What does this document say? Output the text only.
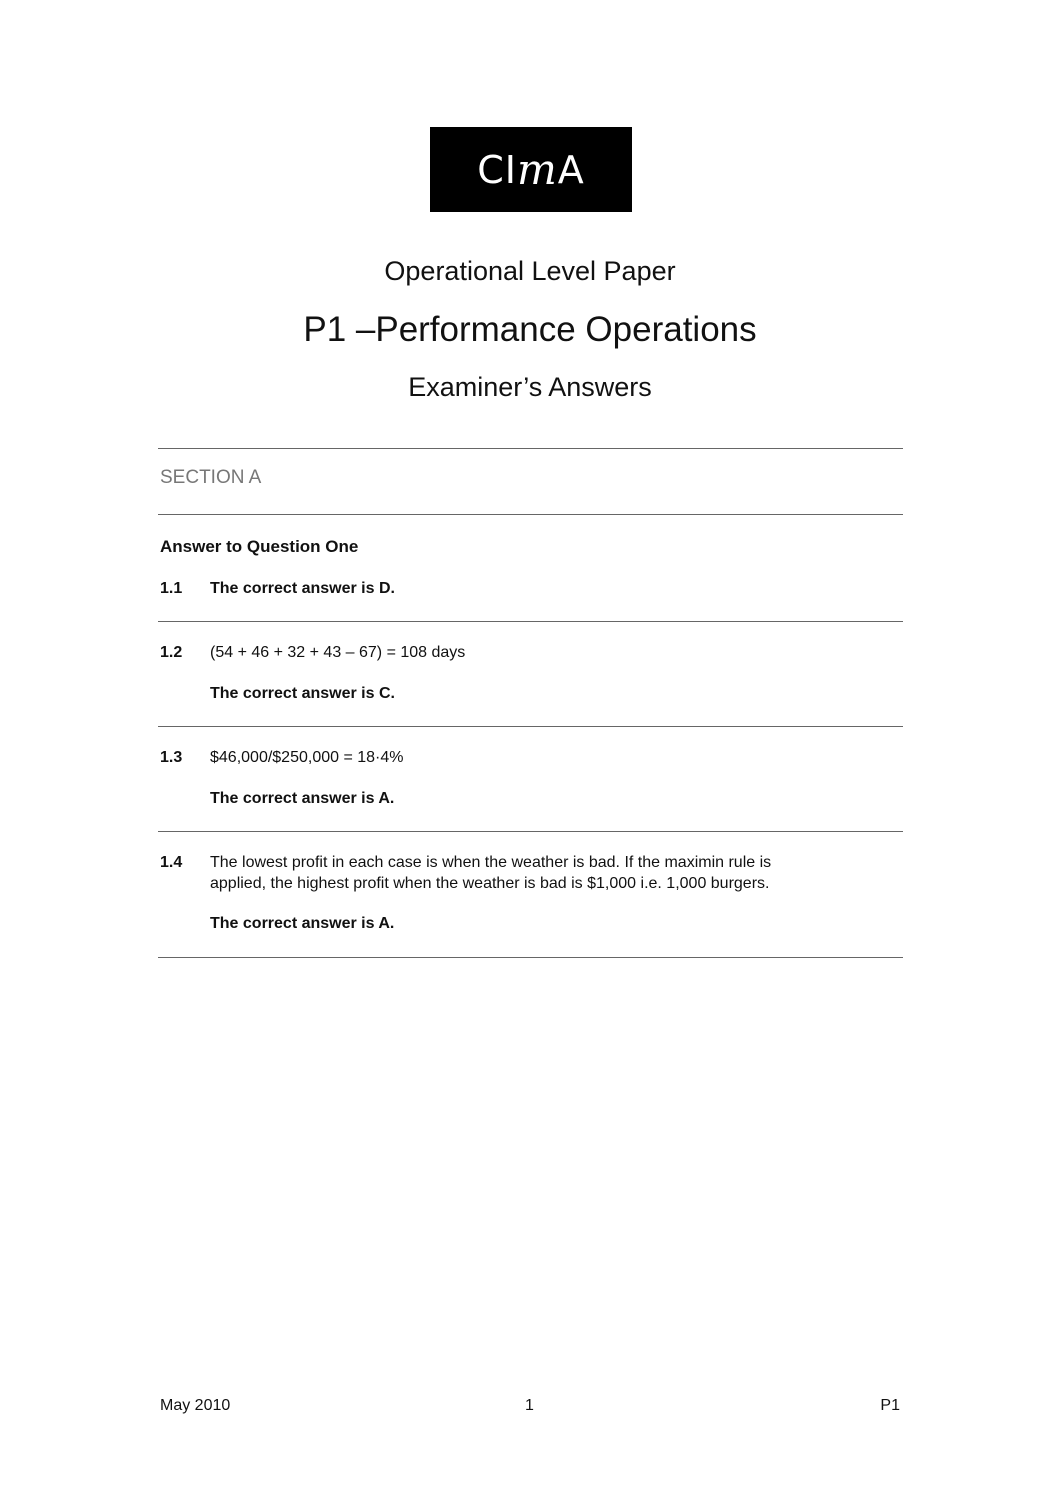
CI m A
Operational Level Paper
P1 –Performance Operations
Examiner’s Answers
SECTION A
Answer to Question One
1.1 The correct answer is D.
1.2 (54 + 46 + 32 + 43 – 67) = 108 days
The correct answer is C.
1.3 $46,000/$250,000 = 18·4%
The correct answer is A.
1.4 The lowest profit in each case is when the weather is bad. If the maximin rule is
applied, the highest profit when the weather is bad is $1,000 i.e. 1,000 burgers.
The correct answer is A.
May 2010	1	P1
